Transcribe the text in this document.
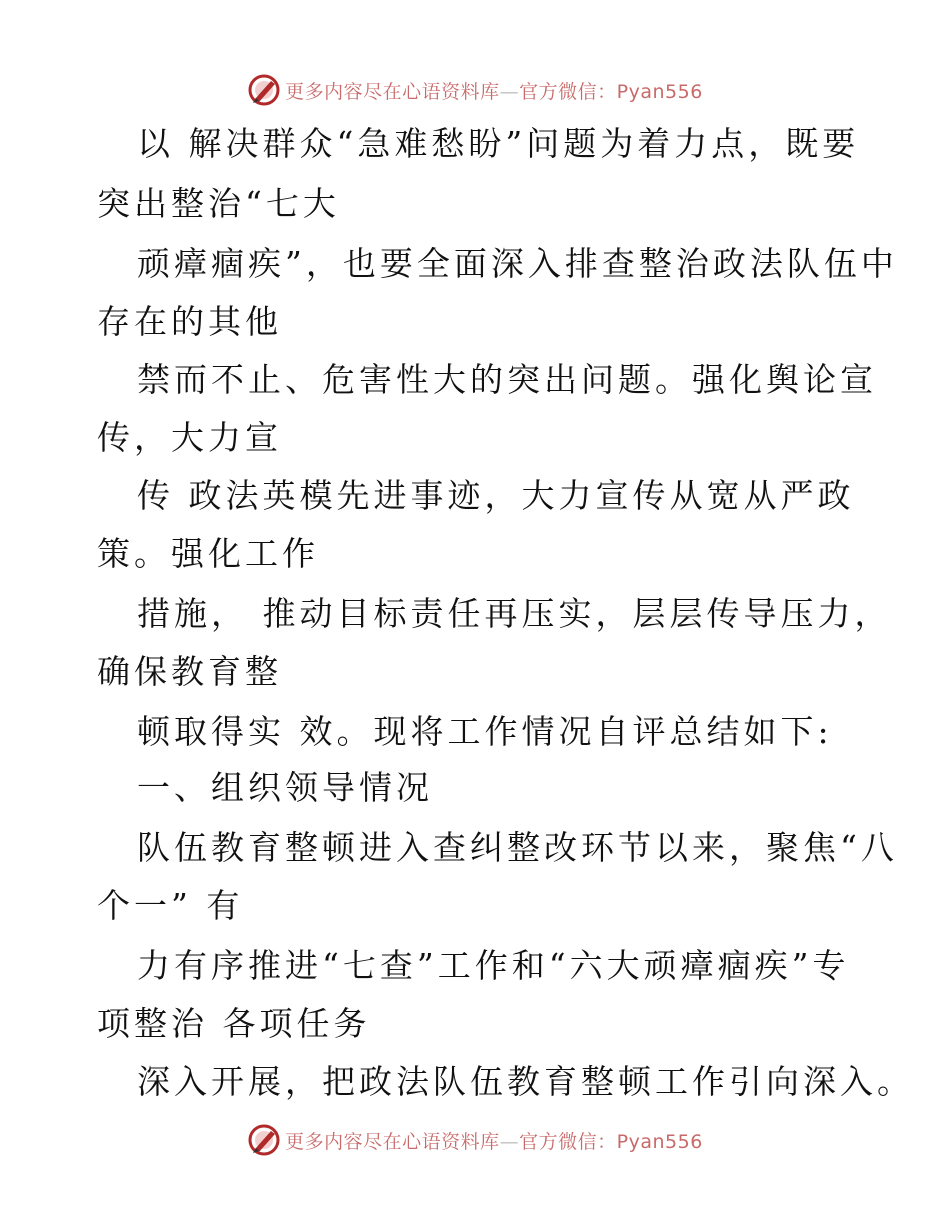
更多内容尽在心语资料库—官方微信：Pyan556
以 解决群众“急难愁盼”问题为着力点，既要
突出整治“七大
顽瘴痼疾”，也要全面深入排查整治政法队伍中
存在的其他
禁而不止、危害性大的突出问题。强化舆论宣
传，大力宣
传 政法英模先进事迹，大力宣传从宽从严政
策。强化工作
措施， 推动目标责任再压实，层层传导压力，
确保教育整
顿取得实 效。现将工作情况自评总结如下:
一、组织领导情况
队伍教育整顿进入查纠整改环节以来，聚焦“八
个一” 有
力有序推进“七查”工作和“六大顽瘴痼疾”专
项整治 各项任务
深入开展，把政法队伍教育整顿工作引向深入。
更多内容尽在心语资料库—官方微信：Pyan556
